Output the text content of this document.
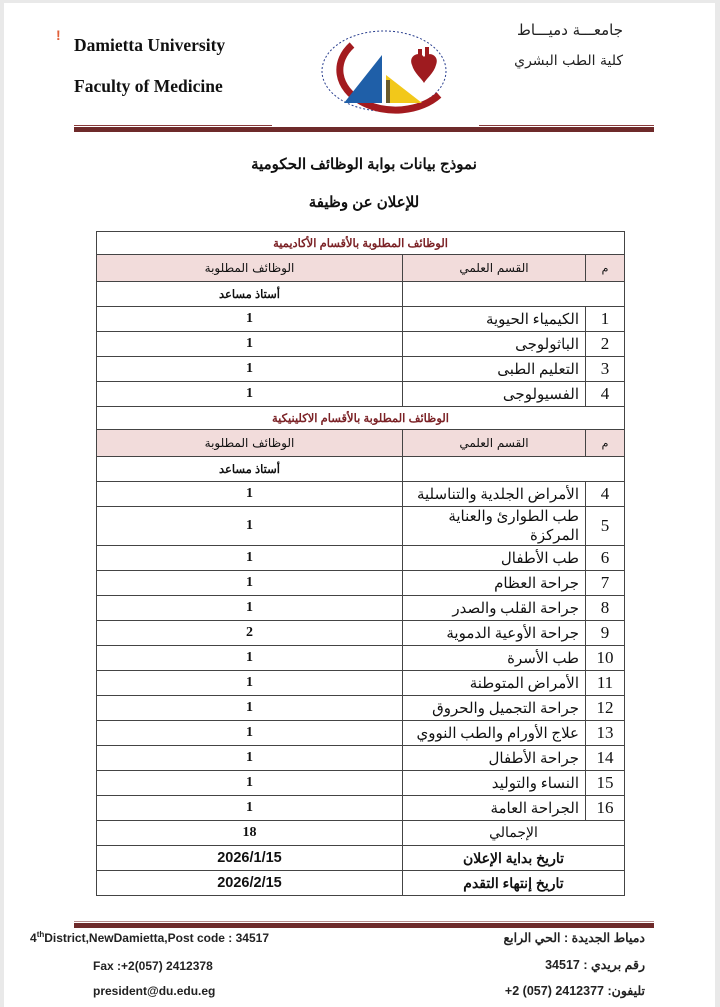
! Damietta University
Faculty of Medicine
جامعـــة دميـــاط
كلية الطب البشري
نموذج بيانات بوابة الوظائف الحكومية
للإعلان عن وظيفة
4thDistrict,NewDamietta,Post code : 34517
Fax :+2(057) 2412378
president@du.edu.eg
دمياط الجديدة : الحي الرابع
رقم بريدي : 34517
تليفون: 2412377 (057) 2+
الوظائف المطلوبة بالأقسام الأكاديمية		
م	القسم العلمي	الوظائف المطلوبة
		أستاذ مساعد
1	الكيمياء الحيوية	1
2	الباثولوجى	1
3	التعليم الطبى	1
4	الفسيولوجى	1
الوظائف المطلوبة بالأقسام الاكلينيكية		
م	القسم العلمي	الوظائف المطلوبة
		أستاذ مساعد
4	الأمراض الجلدية والتناسلية	1
5	طب الطوارئ والعناية المركزة	1
6	طب الأطفال	1
7	جراحة العظام	1
8	جراحة القلب والصدر	1
9	جراحة الأوعية الدموية	2
10	طب الأسرة	1
11	الأمراض المتوطنة	1
12	جراحة التجميل والحروق	1
13	علاج الأورام والطب النووي	1
14	جراحة الأطفال	1
15	النساء والتوليد	1
16	الجراحة العامة	1
الإجمالي		18
تاريخ بداية الإعلان		2026/1/15
تاريخ إنتهاء التقدم		2026/2/15
